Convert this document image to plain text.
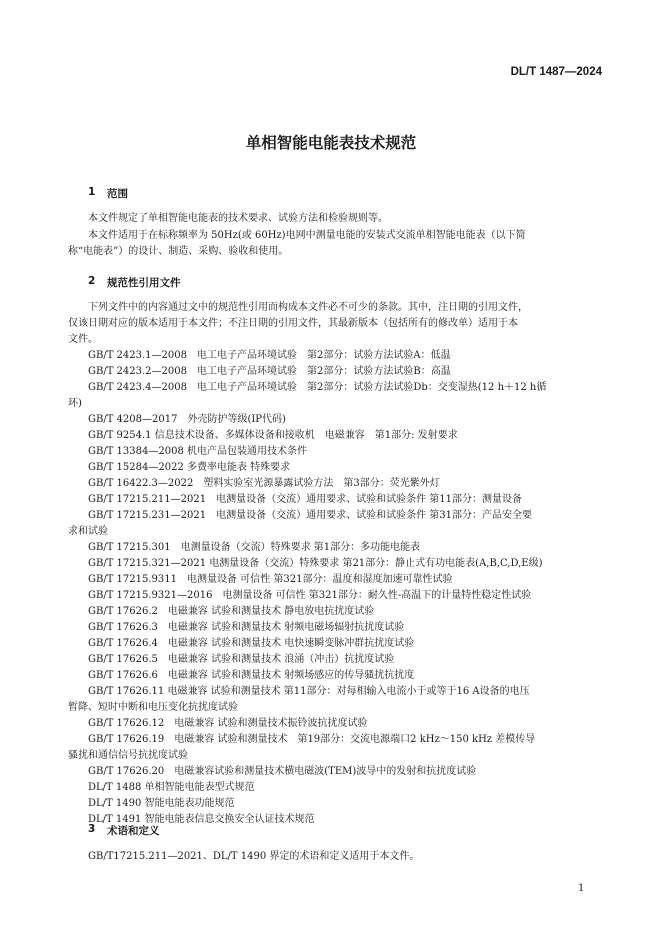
DL/T 1487—2024
单相智能电能表技术规范
1 范围
本文件规定了单相智能电能表的技术要求、试验方法和检验规则等。
本文件适用于在标称频率为 50Hz(或 60Hz)电网中测量电能的安装式交流单相智能电能表（以下简
称“电能表”）的设计、制造、采购、验收和使用。
2 规范性引用文件
下列文件中的内容通过文中的规范性引用而构成本文件必不可少的条款。其中，注日期的引用文件，
仅该日期对应的版本适用于本文件；不注日期的引用文件，其最新版本（包括所有的修改单）适用于本
文件。
GB/T 2423.1—2008　电工电子产品环境试验　第2部分：试验方法试验A：低温
GB/T 2423.2—2008　电工电子产品环境试验　第2部分：试验方法试验B：高温
GB/T 2423.4—2008　电工电子产品环境试验　第2部分：试验方法试验Db：交变湿热(12 h＋12 h循
环)
GB/T 4208—2017　外壳防护等级(IP代码)
GB/T 9254.1 信息技术设备、多媒体设备和接收机　电磁兼容　第1部分: 发射要求
GB/T 13384—2008 机电产品包装通用技术条件
GB/T 15284—2022 多费率电能表 特殊要求
GB/T 16422.3—2022　塑料实验室光源暴露试验方法　第3部分：荧光紫外灯
GB/T 17215.211—2021　电测量设备（交流）通用要求、试验和试验条件 第11部分：测量设备
GB/T 17215.231—2021　电测量设备（交流）通用要求、试验和试验条件 第31部分：产品安全要
求和试验
GB/T 17215.301　电测量设备（交流）特殊要求 第1部分：多功能电能表
GB/T 17215.321—2021 电测量设备（交流）特殊要求 第21部分：静止式有功电能表(A,B,C,D,E级)
GB/T 17215.9311　电测量设备 可信性 第321部分：温度和湿度加速可靠性试验
GB/T 17215.9321—2016　电测量设备 可信性 第321部分：耐久性-高温下的计量特性稳定性试验
GB/T 17626.2　电磁兼容 试验和测量技术 静电放电抗扰度试验
GB/T 17626.3　电磁兼容 试验和测量技术 射频电磁场辐射抗扰度试验
GB/T 17626.4　电磁兼容 试验和测量技术 电快速瞬变脉冲群抗扰度试验
GB/T 17626.5　电磁兼容 试验和测量技术 浪涌（冲击）抗扰度试验
GB/T 17626.6　电磁兼容 试验和测量技术 射频场感应的传导骚扰抗扰度
GB/T 17626.11 电磁兼容 试验和测量技术 第11部分：对每相输入电流小于或等于16 A设备的电压
暂降、短时中断和电压变化抗扰度试验
GB/T 17626.12　电磁兼容 试验和测量技术振铃波抗扰度试验
GB/T 17626.19　电磁兼容 试验和测量技术　第19部分：交流电源端口2 kHz～150 kHz 差模传导
骚扰和通信信号抗扰度试验
GB/T 17626.20　电磁兼容试验和测量技术横电磁波(TEM)波导中的发射和抗扰度试验
DL/T 1488 单相智能电能表型式规范
DL/T 1490 智能电能表功能规范
DL/T 1491 智能电能表信息交换安全认证技术规范
3 术语和定义
GB/T17215.211—2021、DL/T 1490 界定的术语和定义适用于本文件。
1
